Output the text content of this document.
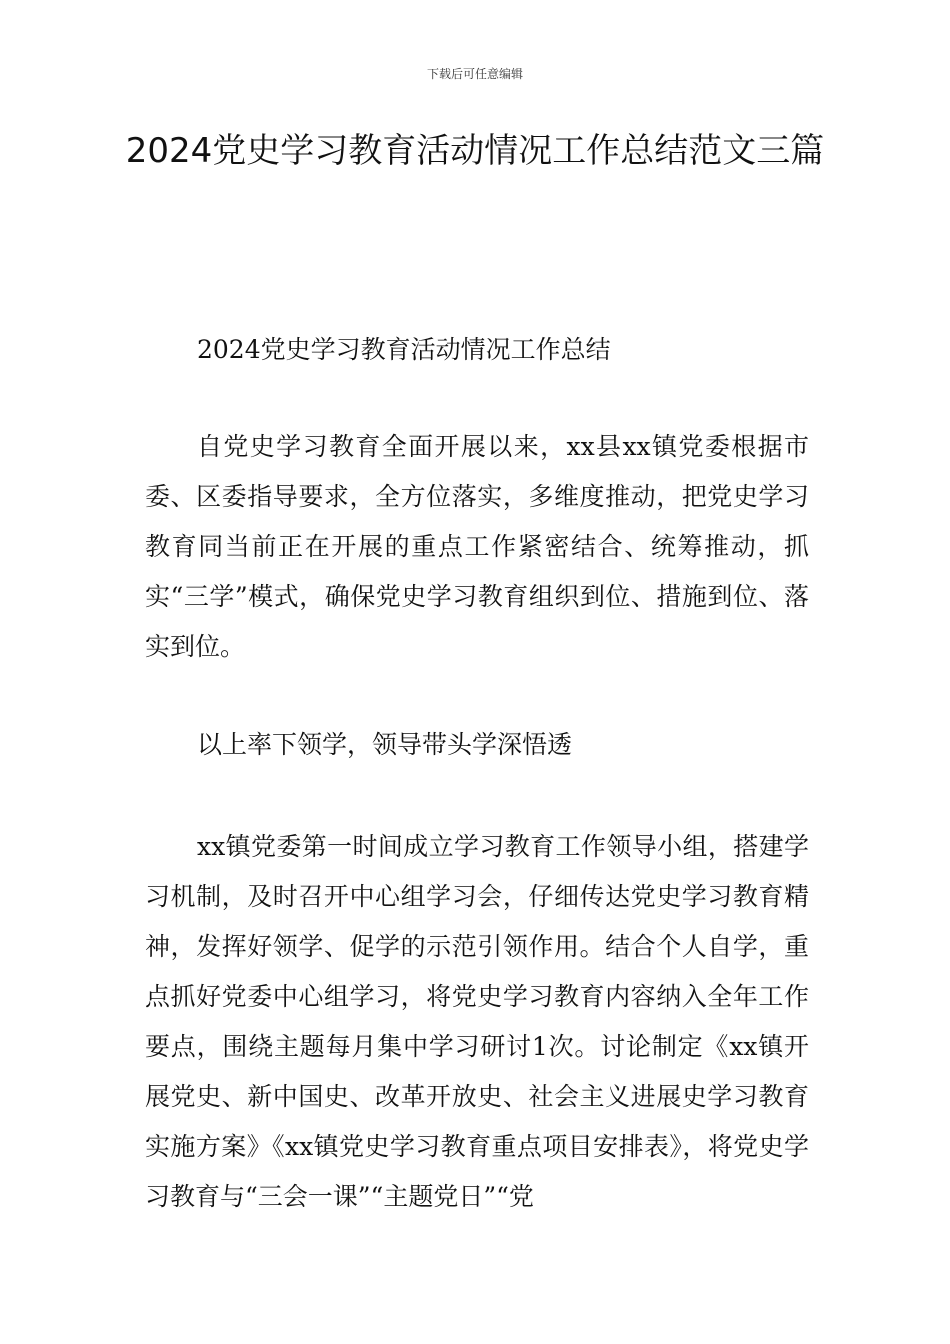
下载后可任意编辑
2024党史学习教育活动情况工作总结范文三篇

2024党史学习教育活动情况工作总结

自党史学习教育全面开展以来，xx县xx镇党委根据市委、区委指导要求，全方位落实，多维度推动，把党史学习教育同当前正在开展的重点工作紧密结合、统筹推动，抓实“三学”模式，确保党史学习教育组织到位、措施到位、落实到位。

以上率下领学，领导带头学深悟透

xx镇党委第一时间成立学习教育工作领导小组，搭建学习机制，及时召开中心组学习会，仔细传达党史学习教育精神，发挥好领学、促学的示范引领作用。结合个人自学，重点抓好党委中心组学习，将党史学习教育内容纳入全年工作要点，围绕主题每月集中学习研讨1次。讨论制定《xx镇开展党史、新中国史、改革开放史、社会主义进展史学习教育实施方案》《xx镇党史学习教育重点项目安排表》，将党史学习教育与“三会一课”“主题党日”“党
